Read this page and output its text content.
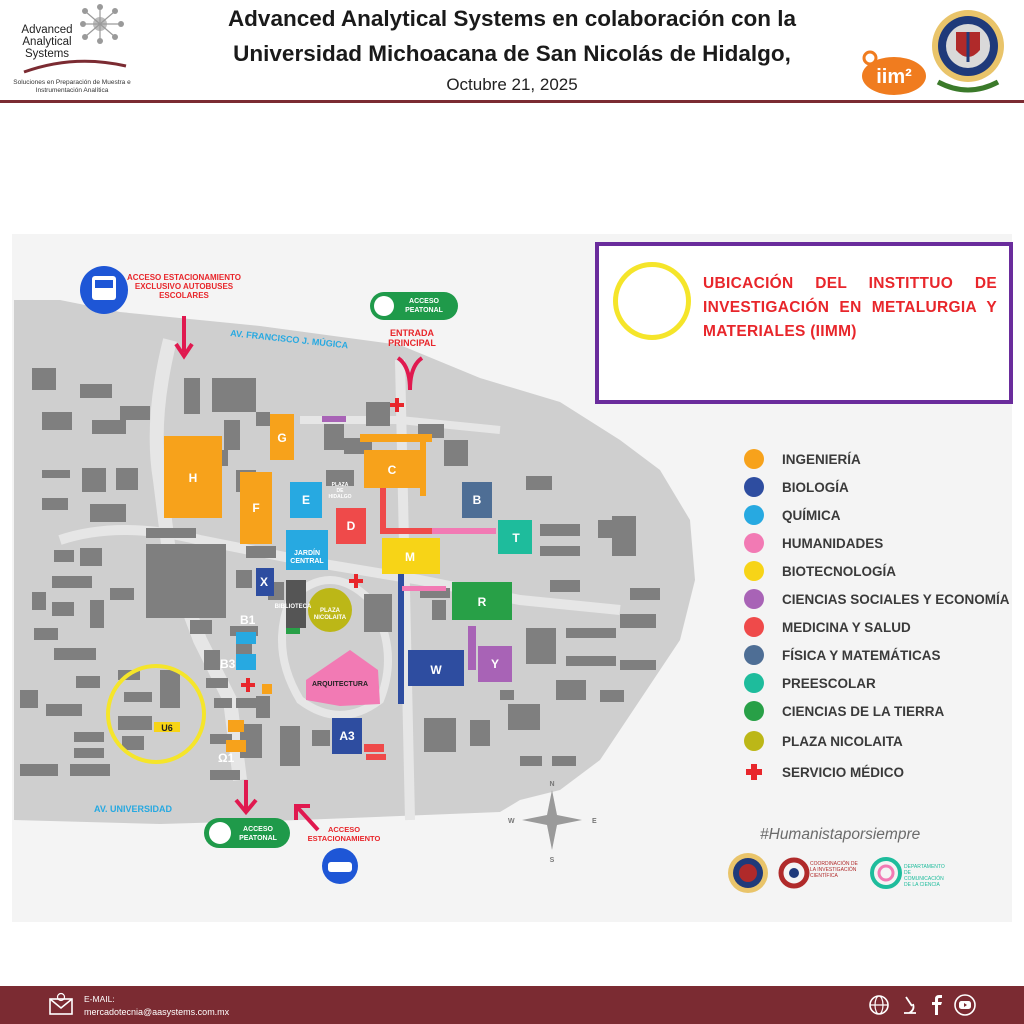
Advanced Analytical Systems
Soluciones en Preparación de Muestra e Instrumentación Analítica
Advanced Analytical Systems en colaboración con la
Universidad Michoacana de San Nicolás de Hidalgo,
Octubre 21, 2025	iim²
G
H
F
E
C
B
D
T
M
X
R
Y
W
A3
B1
B3
Ω1
U6
PLAZA DE HIDALGO
JARDÍN CENTRAL
BIBLIOTECA
PLAZA NICOLAITA
ARQUITECTURA
AV. FRANCISCO J. MÚGICA
AV. UNIVERSIDAD
ACCESO ESTACIONAMIENTO EXCLUSIVO AUTOBUSES ESCOLARES
ACCESO PEATONAL
ENTRADA PRINCIPAL
ACCESO PEATONAL
ACCESO ESTACIONAMIENTO
N
S
E
W
UBICACIÓN DEL INSTITTUO DE INVESTIGACIÓN EN METALURGIA Y MATERIALES (IIMM)
INGENIERÍA
BIOLOGÍA
QUÍMICA
HUMANIDADES
BIOTECNOLOGÍA
CIENCIAS SOCIALES Y ECONOMÍA
MEDICINA Y SALUD
FÍSICA Y MATEMÁTICAS
PREESCOLAR
CIENCIAS DE LA TIERRA
PLAZA NICOLAITA
SERVICIO MÉDICO
#Humanistaporsiempre
COORDINACIÓN DE LA INVESTIGACIÓN CIENTÍFICA
DEPARTAMENTO DE COMUNICACIÓN DE LA CIENCIA
E-MAIL:
mercadotecnia@aasystems.com.mx
